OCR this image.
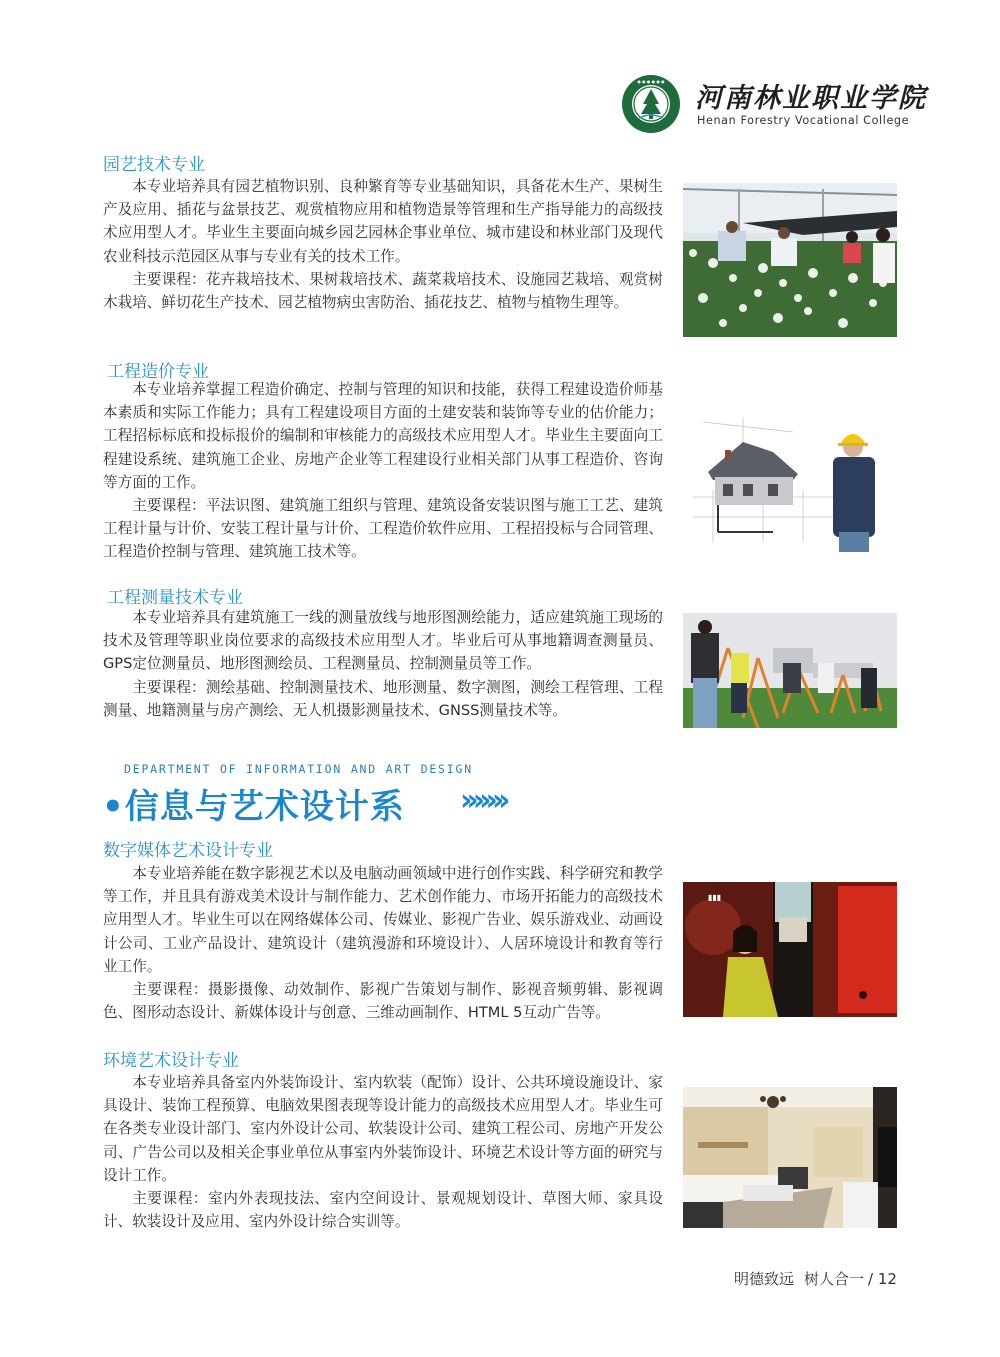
● ● ● ● ● ●
河南林业职业学院
Henan Forestry Vocational College
园艺技术专业

本专业培养具有园艺植物识别、良种繁育等专业基础知识，具备花木生产、果树生产及应用、插花与盆景技艺、观赏植物应用和植物造景等管理和生产指导能力的高级技术应用型人才。毕业生主要面向城乡园艺园林企事业单位、城市建设和林业部门及现代农业科技示范园区从事与专业有关的技术工作。

主要课程：花卉栽培技术、果树栽培技术、蔬菜栽培技术、设施园艺栽培、观赏树木栽培、鲜切花生产技术、园艺植物病虫害防治、插花技艺、植物与植物生理等。

工程造价专业

本专业培养掌握工程造价确定、控制与管理的知识和技能，获得工程建设造价师基本素质和实际工作能力；具有工程建设项目方面的土建安装和装饰等专业的估价能力；工程招标标底和投标报价的编制和审核能力的高级技术应用型人才。毕业生主要面向工程建设系统、建筑施工企业、房地产企业等工程建设行业相关部门从事工程造价、咨询等方面的工作。

主要课程：平法识图、建筑施工组织与管理、建筑设备安装识图与施工工艺、建筑工程计量与计价、安装工程计量与计价、工程造价软件应用、工程招投标与合同管理、工程造价控制与管理、建筑施工技术等。

工程测量技术专业

本专业培养具有建筑施工一线的测量放线与地形图测绘能力，适应建筑施工现场的技术及管理等职业岗位要求的高级技术应用型人才。毕业后可从事地籍调查测量员、GPS定位测量员、地形图测绘员、工程测量员、控制测量员等工作。

主要课程：测绘基础、控制测量技术、地形测量、数字测图，测绘工程管理、工程测量、地籍测量与房产测绘、无人机摄影测量技术、GNSS测量技术等。

DEPARTMENT OF INFORMATION AND ART DESIGN
•信息与艺术设计系 ›››››››
数字媒体艺术设计专业

本专业培养能在数字影视艺术以及电脑动画领域中进行创作实践、科学研究和教学等工作，并且具有游戏美术设计与制作能力、艺术创作能力、市场开拓能力的高级技术应用型人才。毕业生可以在网络媒体公司、传媒业、影视广告业、娱乐游戏业、动画设计公司、工业产品设计、建筑设计（建筑漫游和环境设计）、人居环境设计和教育等行业工作。

主要课程：摄影摄像、动效制作、影视广告策划与制作、影视音频剪辑、影视调色、图形动态设计、新媒体设计与创意、三维动画制作、HTML 5互动广告等。

▮▮▮
环境艺术设计专业

本专业培养具备室内外装饰设计、室内软装（配饰）设计、公共环境设施设计、家具设计、装饰工程预算、电脑效果图表现等设计能力的高级技术应用型人才。毕业生可在各类专业设计部门、室内外设计公司、软装设计公司、建筑工程公司、房地产开发公司、广告公司以及相关企事业单位从事室内外装饰设计、环境艺术设计等方面的研究与设计工作。

主要课程：室内外表现技法、室内空间设计、景观规划设计、草图大师、家具设计、软装设计及应用、室内外设计综合实训等。

明德致远 树人合一 / 12
